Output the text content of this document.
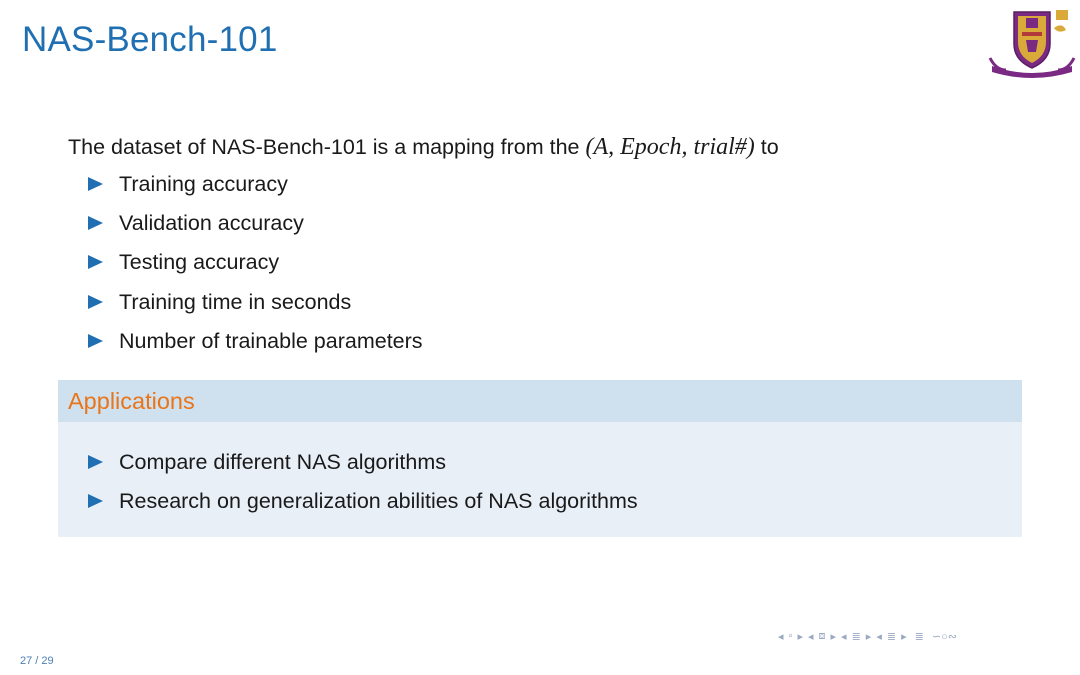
NAS-Bench-101
The dataset of NAS-Bench-101 is a mapping from the (A, Epoch, trial#) to
Training accuracy
Validation accuracy
Testing accuracy
Training time in seconds
Number of trainable parameters
Applications
Compare different NAS algorithms
Research on generalization abilities of NAS algorithms
27 / 29
◂ ▫ ▸ ◂ ⧈ ▸ ◂ ≣ ▸ ◂ ≣ ▸ ≣ ∽○∾
